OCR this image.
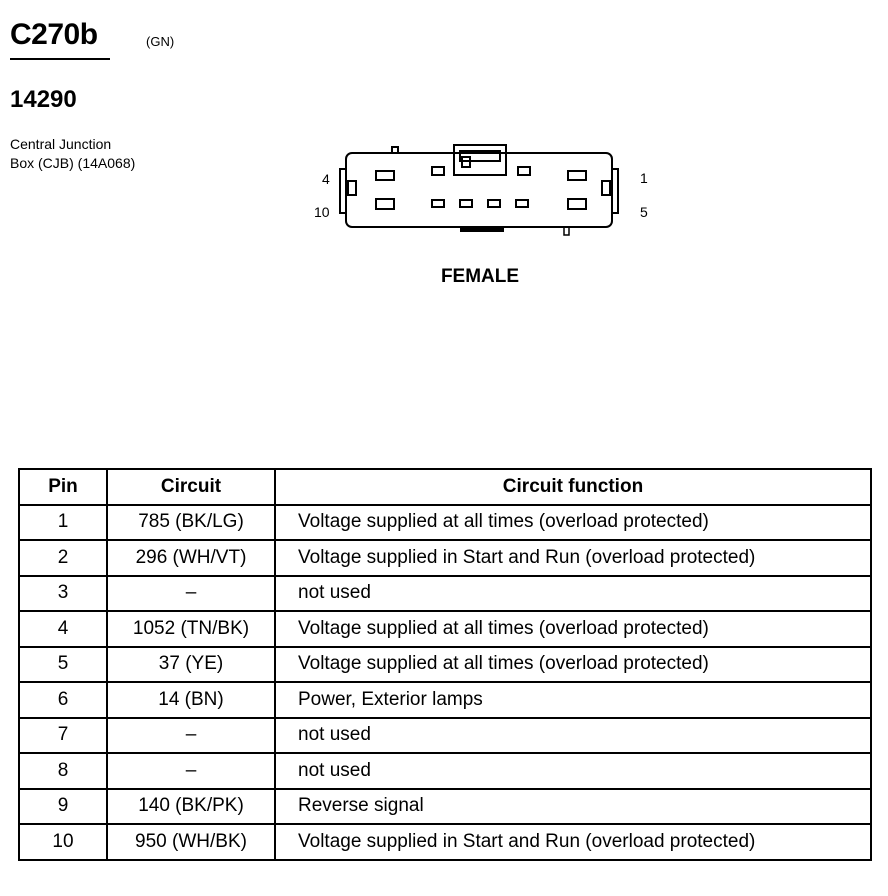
C270b	(GN)
14290
Central Junction
Box (CJB) (14A068)
4
10
1
5
FEMALE
Pin	Circuit	Circuit function
1	785 (BK/LG)	Voltage supplied at all times (overload protected)
2	296 (WH/VT)	Voltage supplied in Start and Run (overload protected)
3	–	not used
4	1052 (TN/BK)	Voltage supplied at all times (overload protected)
5	37 (YE)	Voltage supplied at all times (overload protected)
6	14 (BN)	Power, Exterior lamps
7	–	not used
8	–	not used
9	140 (BK/PK)	Reverse signal
10	950 (WH/BK)	Voltage supplied in Start and Run (overload protected)
